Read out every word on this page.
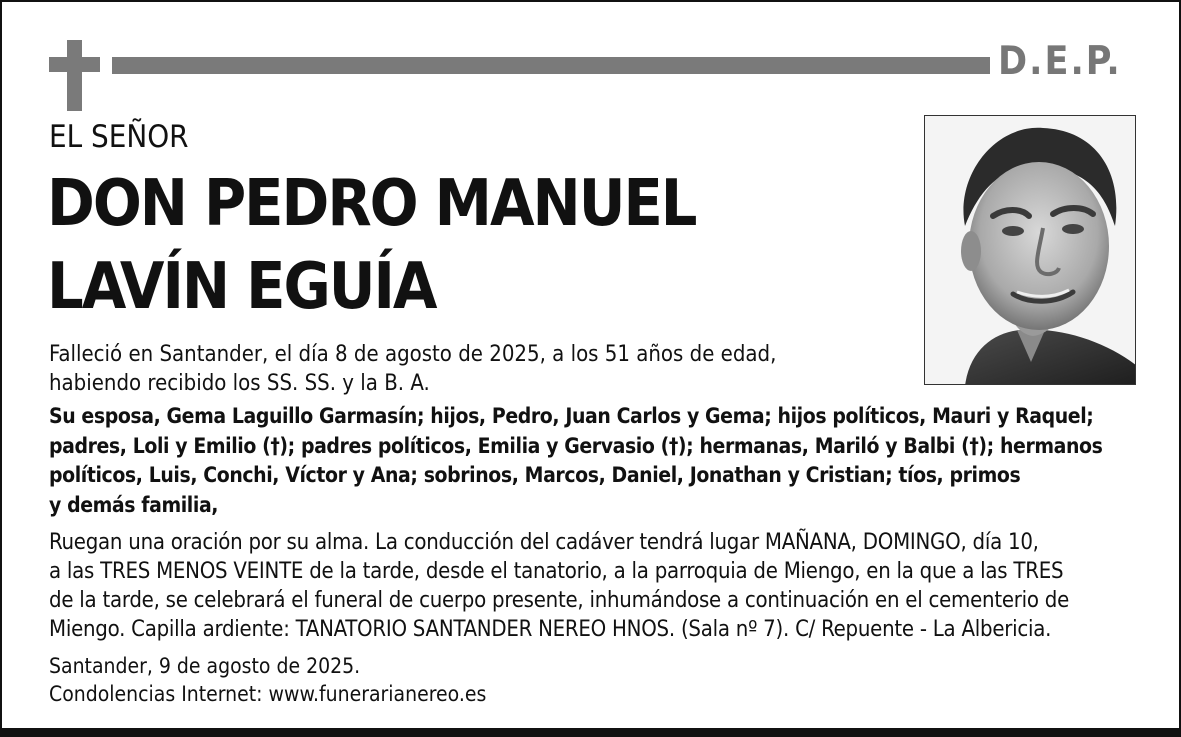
D.E.P.
EL SEÑOR
DON PEDRO MANUEL
LAVÍN EGUÍA
Falleció en Santander, el día 8 de agosto de 2025, a los 51 años de edad,
habiendo recibido los SS. SS. y la B. A.
Su esposa, Gema Laguillo Garmasín; hijos, Pedro, Juan Carlos y Gema; hijos políticos, Mauri y Raquel;
padres, Loli y Emilio (†); padres políticos, Emilia y Gervasio (†); hermanas, Mariló y Balbi (†); hermanos
políticos, Luis, Conchi, Víctor y Ana; sobrinos, Marcos, Daniel, Jonathan y Cristian; tíos, primos
y demás familia,
Ruegan una oración por su alma. La conducción del cadáver tendrá lugar MAÑANA, DOMINGO, día 10,
a las TRES MENOS VEINTE de la tarde, desde el tanatorio, a la parroquia de Miengo, en la que a las TRES
de la tarde, se celebrará el funeral de cuerpo presente, inhumándose a continuación en el cementerio de
Miengo. Capilla ardiente: TANATORIO SANTANDER NEREO HNOS. (Sala nº 7). C/ Repuente - La Albericia.
Santander, 9 de agosto de 2025.
Condolencias Internet: www.funerarianereo.es
